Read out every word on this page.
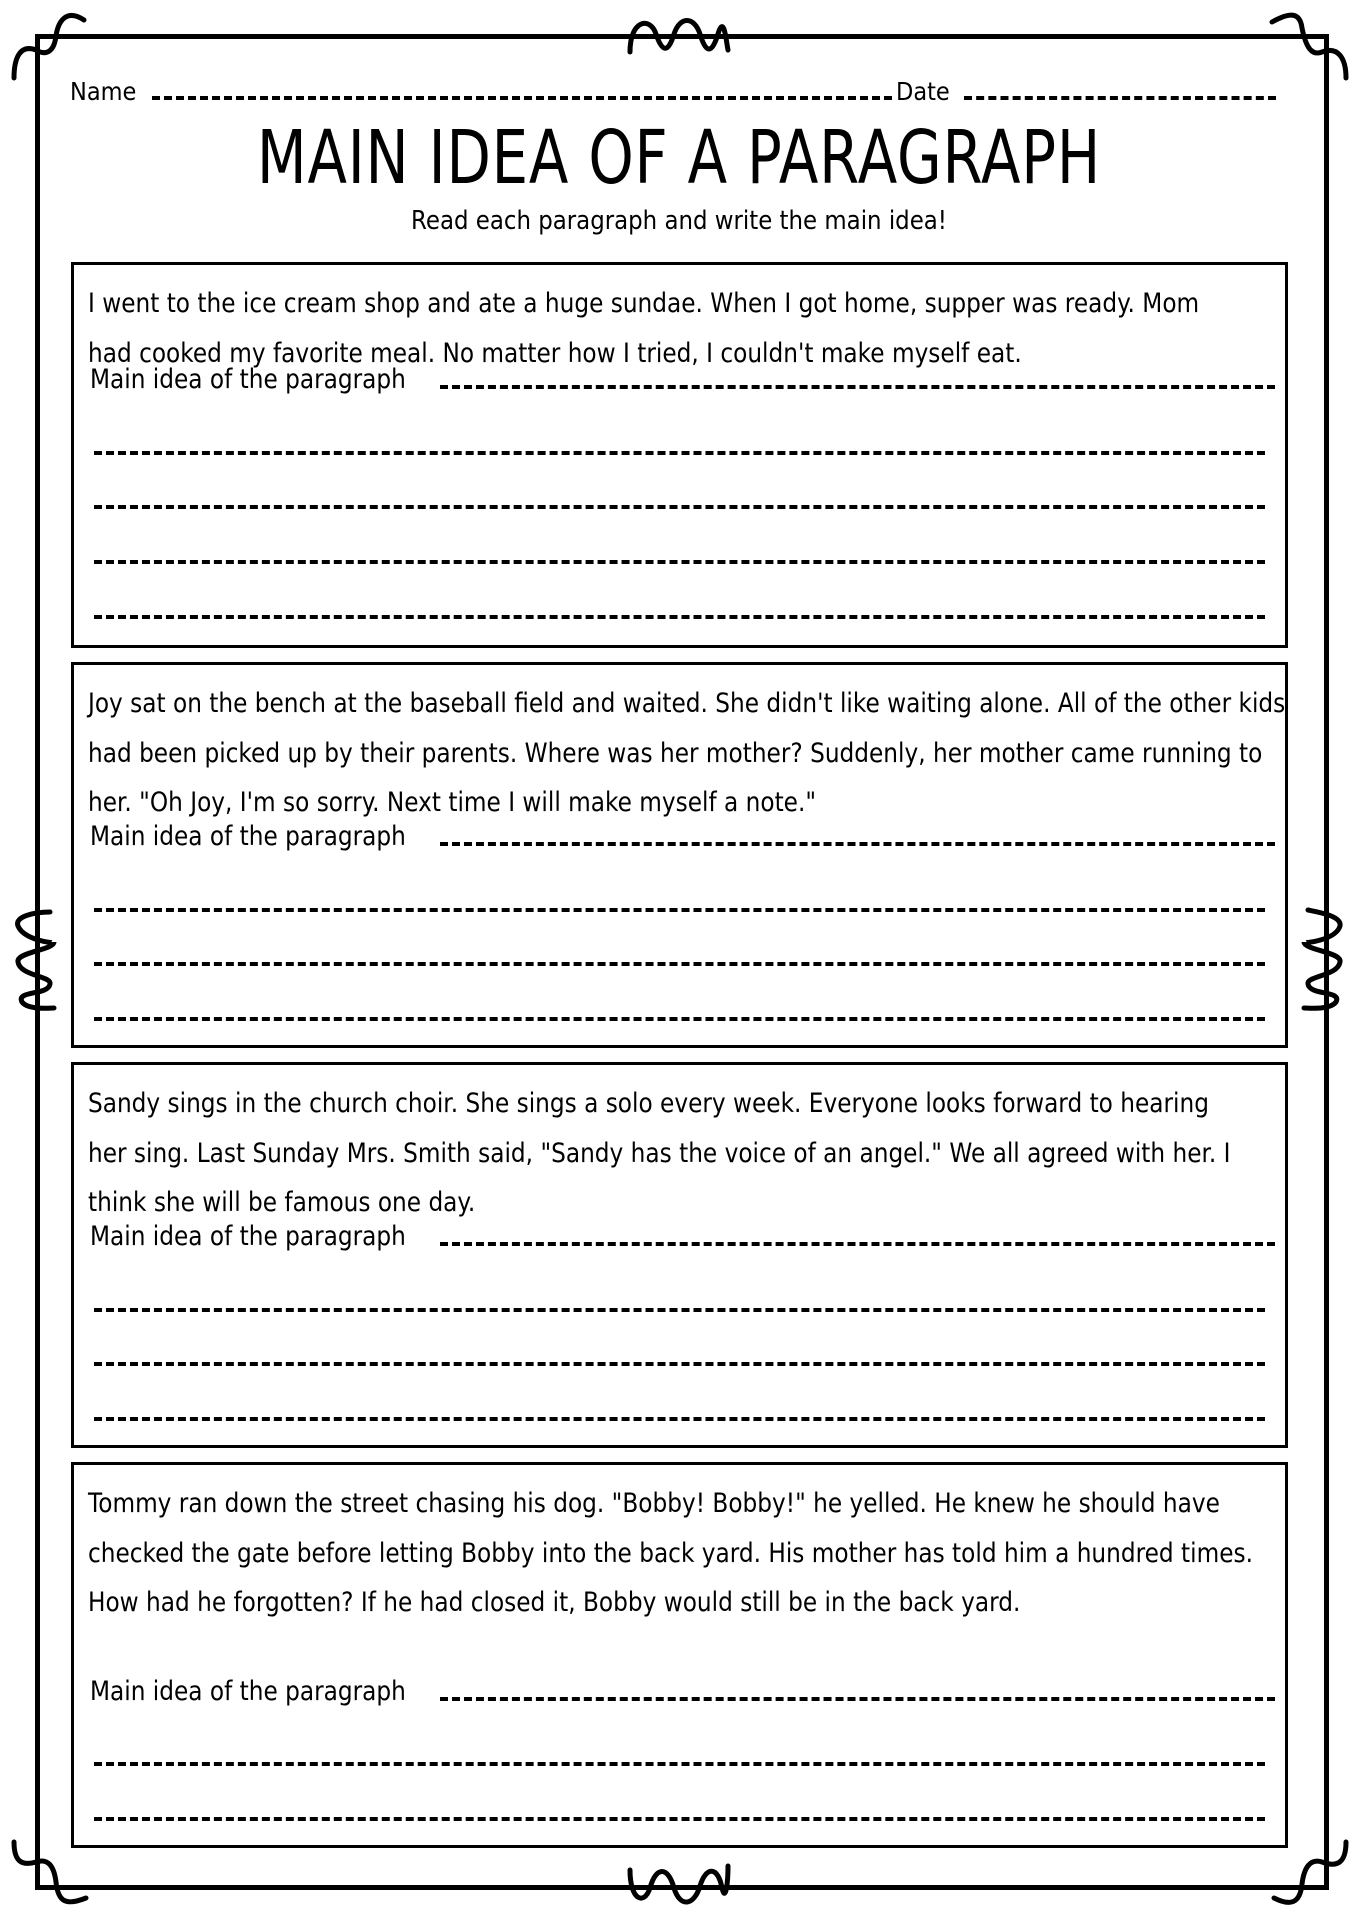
Name	Date
MAIN IDEA OF A PARAGRAPH
Read each paragraph and write the main idea!
I went to the ice cream shop and ate a huge sundae. When I got home, supper was ready. Mom had cooked my favorite meal. No matter how I tried, I couldn't make myself eat.
Main idea of the paragraph
Joy sat on the bench at the baseball field and waited. She didn't like waiting alone. All of the other kids had been picked up by their parents. Where was her mother? Suddenly, her mother came running to her. "Oh Joy, I'm so sorry. Next time I will make myself a note."
Main idea of the paragraph
Sandy sings in the church choir. She sings a solo every week. Everyone looks forward to hearing her sing. Last Sunday Mrs. Smith said, "Sandy has the voice of an angel." We all agreed with her. I think she will be famous one day.
Main idea of the paragraph
Tommy ran down the street chasing his dog. "Bobby! Bobby!" he yelled. He knew he should have checked the gate before letting Bobby into the back yard. His mother has told him a hundred times. How had he forgotten? If he had closed it, Bobby would still be in the back yard.
Main idea of the paragraph
